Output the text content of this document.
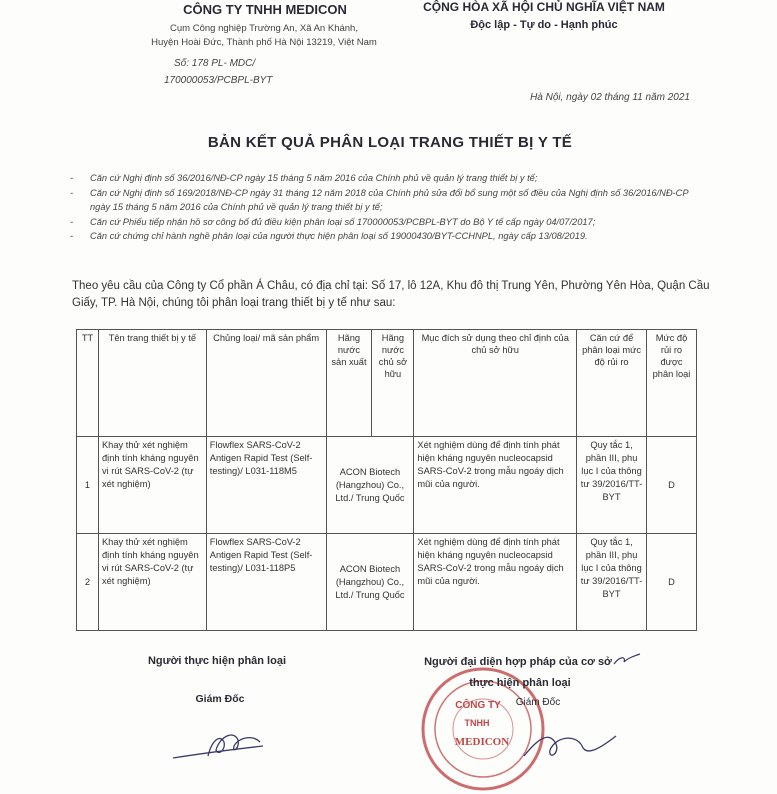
CÔNG TY TNHH MEDICON
Cụm Công nghiệp Trường An, Xã An Khánh,
Huyện Hoài Đức, Thành phố Hà Nội 13219, Việt Nam
Số: 178 PL- MDC/
170000053/PCBPL-BYT
CỘNG HÒA XÃ HỘI CHỦ NGHĨA VIỆT NAM
Độc lập - Tự do - Hạnh phúc
Hà Nội, ngày 02 tháng 11 năm 2021
BẢN KẾT QUẢ PHÂN LOẠI TRANG THIẾT BỊ Y TẾ
-	Căn cứ Nghị định số 36/2016/NĐ-CP ngày 15 tháng 5 năm 2016 của Chính phủ về quản lý trang thiết bị y tế;
-	Căn cứ Nghị định số 169/2018/NĐ-CP ngày 31 tháng 12 năm 2018 của Chính phủ sửa đổi bổ sung một số điều của Nghị định số 36/2016/NĐ-CP ngày 15 tháng 5 năm 2016 của Chính phủ về quản lý trang thiết bị y tế;
-	Căn cứ Phiếu tiếp nhận hồ sơ công bố đủ điều kiện phân loại số 170000053/PCBPL-BYT do Bộ Y tế cấp ngày 04/07/2017;
-	Căn cứ chứng chỉ hành nghề phân loại của người thực hiện phân loại số 19000430/BYT-CCHNPL, ngày cấp 13/08/2019.
Theo yêu cầu của Công ty Cổ phần Á Châu, có địa chỉ tại: Số 17, lô 12A, Khu đô thị Trung Yên, Phường Yên Hòa, Quận Cầu Giấy, TP. Hà Nội, chúng tôi phân loại trang thiết bị y tế như sau:
TT	Tên trang thiết bị y tế	Chủng loại/ mã sản phẩm	Hãng nước sản xuất	Hãng nước chủ sở hữu	Mục đích sử dụng theo chỉ định của chủ sở hữu	Căn cứ để phân loại mức độ rủi ro	Mức độ rủi ro được phân loại
1	Khay thử xét nghiệm định tính kháng nguyên vi rút SARS-CoV-2 (tự xét nghiệm)	Flowflex SARS-CoV-2 Antigen Rapid Test (Self-testing)/ L031-118M5	ACON Biotech (Hangzhou) Co., Ltd./ Trung Quốc		Xét nghiệm dùng để định tính phát hiện kháng nguyên nucleocapsid SARS-CoV-2 trong mẫu ngoáy dịch mũi của người.	Quy tắc 1, phần III, phụ lục I của thông tư 39/2016/TT-BYT	D
2	Khay thử xét nghiệm định tính kháng nguyên vi rút SARS-CoV-2 (tự xét nghiệm)	Flowflex SARS-CoV-2 Antigen Rapid Test (Self-testing)/ L031-118P5	ACON Biotech (Hangzhou) Co., Ltd./ Trung Quốc		Xét nghiệm dùng để định tính phát hiện kháng nguyên nucleocapsid SARS-CoV-2 trong mẫu ngoáy dịch mũi của người.	Quy tắc 1, phần III, phụ lục I của thông tư 39/2016/TT-BYT	D
Người thực hiện phân loại
Giám Đốc
CÔNG TY
TNHH
MEDICON
Người đại diện hợp pháp của cơ sở
thực hiện phân loại
Giám Đốc
